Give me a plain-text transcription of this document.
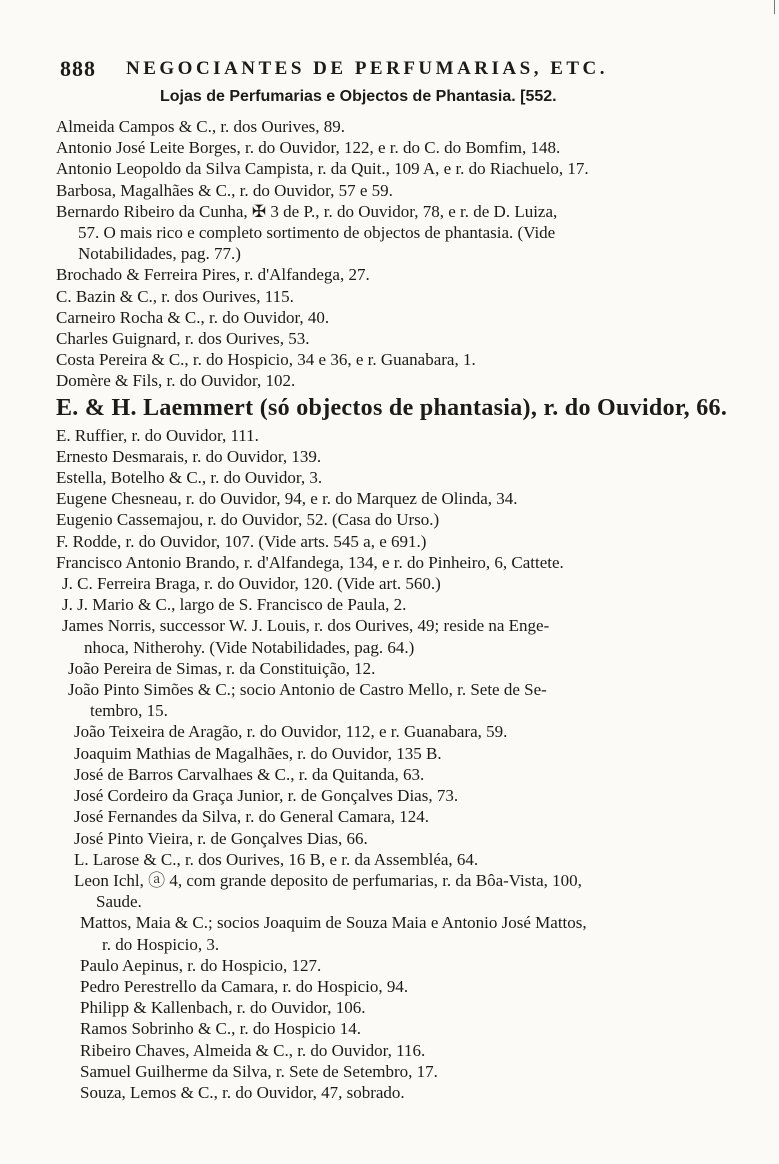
888 NEGOCIANTES DE PERFUMARIAS, ETC.
Lojas de Perfumarias e Objectos de Phantasia. [552.
Almeida Campos & C., r. dos Ourives, 89.
Antonio José Leite Borges, r. do Ouvidor, 122, e r. do C. do Bomfim, 148.
Antonio Leopoldo da Silva Campista, r. da Quit., 109 A, e r. do Riachuelo, 17.
Barbosa, Magalhães & C., r. do Ouvidor, 57 e 59.
Bernardo Ribeiro da Cunha, ✠ 3 de P., r. do Ouvidor, 78, e r. de D. Luiza,
57. O mais rico e completo sortimento de objectos de phantasia. (Vide
Notabilidades, pag. 77.)
Brochado & Ferreira Pires, r. d'Alfandega, 27.
C. Bazin & C., r. dos Ourives, 115.
Carneiro Rocha & C., r. do Ouvidor, 40.
Charles Guignard, r. dos Ourives, 53.
Costa Pereira & C., r. do Hospicio, 34 e 36, e r. Guanabara, 1.
Domère & Fils, r. do Ouvidor, 102.
E. & H. Laemmert (só objectos de phantasia), r. do Ouvidor, 66.
E. Ruffier, r. do Ouvidor, 111.
Ernesto Desmarais, r. do Ouvidor, 139.
Estella, Botelho & C., r. do Ouvidor, 3.
Eugene Chesneau, r. do Ouvidor, 94, e r. do Marquez de Olinda, 34.
Eugenio Cassemajou, r. do Ouvidor, 52. (Casa do Urso.)
F. Rodde, r. do Ouvidor, 107. (Vide arts. 545 a, e 691.)
Francisco Antonio Brando, r. d'Alfandega, 134, e r. do Pinheiro, 6, Cattete.
J. C. Ferreira Braga, r. do Ouvidor, 120. (Vide art. 560.)
J. J. Mario & C., largo de S. Francisco de Paula, 2.
James Norris, successor W. J. Louis, r. dos Ourives, 49; reside na Enge-
nhoca, Nitherohy. (Vide Notabilidades, pag. 64.)
João Pereira de Simas, r. da Constituição, 12.
João Pinto Simões & C.; socio Antonio de Castro Mello, r. Sete de Se-
tembro, 15.
João Teixeira de Aragão, r. do Ouvidor, 112, e r. Guanabara, 59.
Joaquim Mathias de Magalhães, r. do Ouvidor, 135 B.
José de Barros Carvalhaes & C., r. da Quitanda, 63.
José Cordeiro da Graça Junior, r. de Gonçalves Dias, 73.
José Fernandes da Silva, r. do General Camara, 124.
José Pinto Vieira, r. de Gonçalves Dias, 66.
L. Larose & C., r. dos Ourives, 16 B, e r. da Assembléa, 64.
Leon Ichl, ⓐ 4, com grande deposito de perfumarias, r. da Bôa-Vista, 100,
Saude.
Mattos, Maia & C.; socios Joaquim de Souza Maia e Antonio José Mattos,
r. do Hospicio, 3.
Paulo Aepinus, r. do Hospicio, 127.
Pedro Perestrello da Camara, r. do Hospicio, 94.
Philipp & Kallenbach, r. do Ouvidor, 106.
Ramos Sobrinho & C., r. do Hospicio 14.
Ribeiro Chaves, Almeida & C., r. do Ouvidor, 116.
Samuel Guilherme da Silva, r. Sete de Setembro, 17.
Souza, Lemos & C., r. do Ouvidor, 47, sobrado.
